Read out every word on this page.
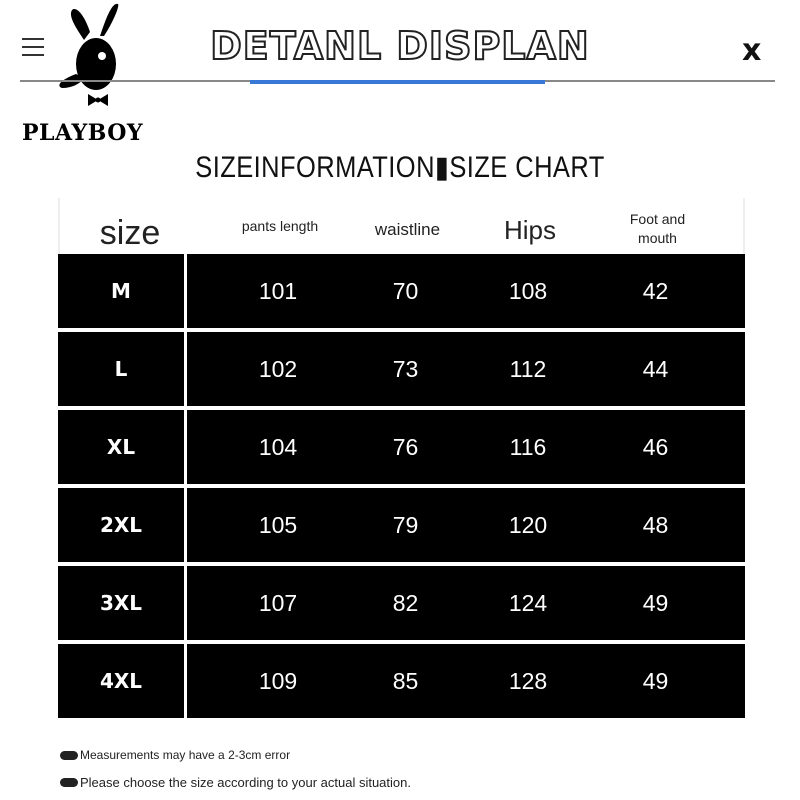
PLAYBOY
DETANL DISPLAN	x
SIZEINFORMATION▮SIZE CHART
size	pants length	waistline	Hips	Foot and
mouth
M	101	70	108	42
L	102	73	112	44
XL	104	76	116	46
2XL	105	79	120	48
3XL	107	82	124	49
4XL	109	85	128	49
Measurements may have a 2-3cm error
Please choose the size according to your actual situation.
